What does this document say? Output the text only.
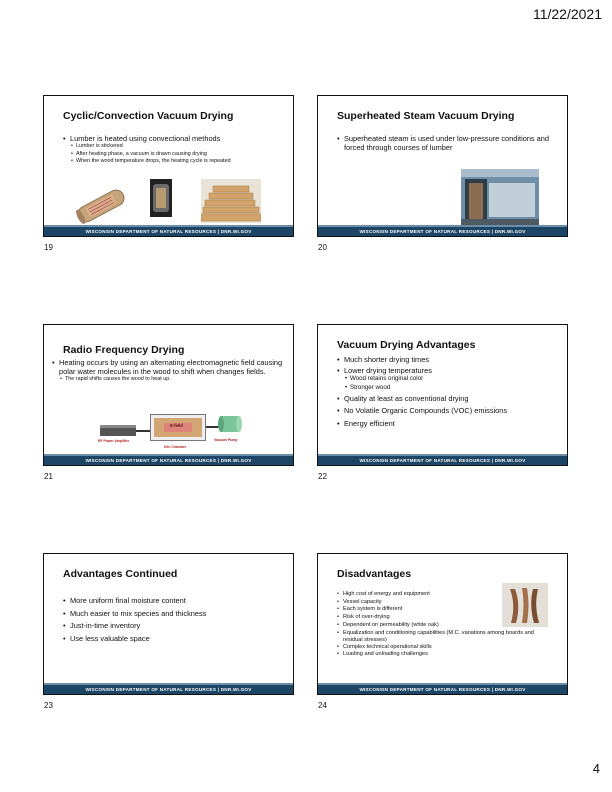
11/22/2021
Cyclic/Convection Vacuum Drying
• Lumber is heated using convectional methods
• Lumber is stickered
• After heating phase, a vacuum is drawn causing drying
• When the wood temperature drops, the heating cycle is repeated
WISCONSIN DEPARTMENT OF NATURAL RESOURCES | DNR.WI.GOV
19
Superheated Steam Vacuum Drying
• Superheated steam is used under low-pressure conditions and forced through courses of lumber
WISCONSIN DEPARTMENT OF NATURAL RESOURCES | DNR.WI.GOV
20
Radio Frequency Drying
• Heating occurs by using an alternating electromagnetic field causing polar water molecules in the wood to shift when changes fields.
• The rapid shifts causes the wood to heat up.
E-field
RF Power Amplifier
Kiln Chamber
Vacuum Pump
WISCONSIN DEPARTMENT OF NATURAL RESOURCES | DNR.WI.GOV
21
Vacuum Drying Advantages
• Much shorter drying times
• Lower drying temperatures
• Wood retains original color
• Stronger wood
• Quality at least as conventional drying
• No Volatile Organic Compounds (VOC) emissions
• Energy efficient
WISCONSIN DEPARTMENT OF NATURAL RESOURCES | DNR.WI.GOV
22
Advantages Continued
• More uniform final moisture content
• Much easier to mix species and thickness
• Just-in-time inventory
• Use less valuable space
WISCONSIN DEPARTMENT OF NATURAL RESOURCES | DNR.WI.GOV
23
Disadvantages
• High cost of energy and equipment
• Vessel capacity
• Each system is different
• Risk of over-drying
• Dependent on permeability (white oak)
• Equalization and conditioning capabilities (M.C. variations among boards and residual stresses)
• Complex technical operational skills
• Loading and unloading challenges
WISCONSIN DEPARTMENT OF NATURAL RESOURCES | DNR.WI.GOV
24
4
